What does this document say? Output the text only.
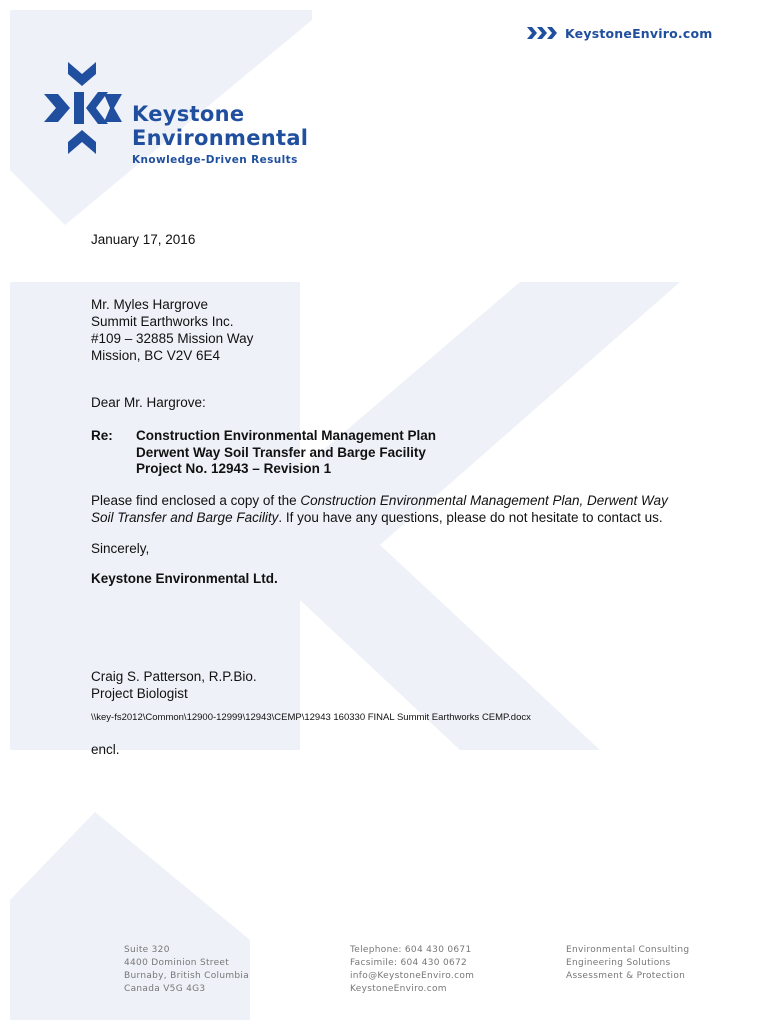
KeystoneEnviro.com
Keystone
Environmental
Knowledge-Driven Results
January 17, 2016
Mr. Myles Hargrove
Summit Earthworks Inc.
#109 – 32885 Mission Way
Mission, BC V2V 6E4
Dear Mr. Hargrove:
Re: Construction Environmental Management Plan
Derwent Way Soil Transfer and Barge Facility
Project No. 12943 – Revision 1
Please find enclosed a copy of the Construction Environmental Management Plan, Derwent Way Soil Transfer and Barge Facility. If you have any questions, please do not hesitate to contact us.
Sincerely,
Keystone Environmental Ltd.
Craig S. Patterson, R.P.Bio.
Project Biologist
\\key-fs2012\Common\12900-12999\12943\CEMP\12943 160330 FINAL Summit Earthworks CEMP.docx
encl.
Suite 320
4400 Dominion Street
Burnaby, British Columbia
Canada V5G 4G3
Telephone: 604 430 0671
Facsimile: 604 430 0672
info@KeystoneEnviro.com
KeystoneEnviro.com
Environmental Consulting
Engineering Solutions
Assessment & Protection
